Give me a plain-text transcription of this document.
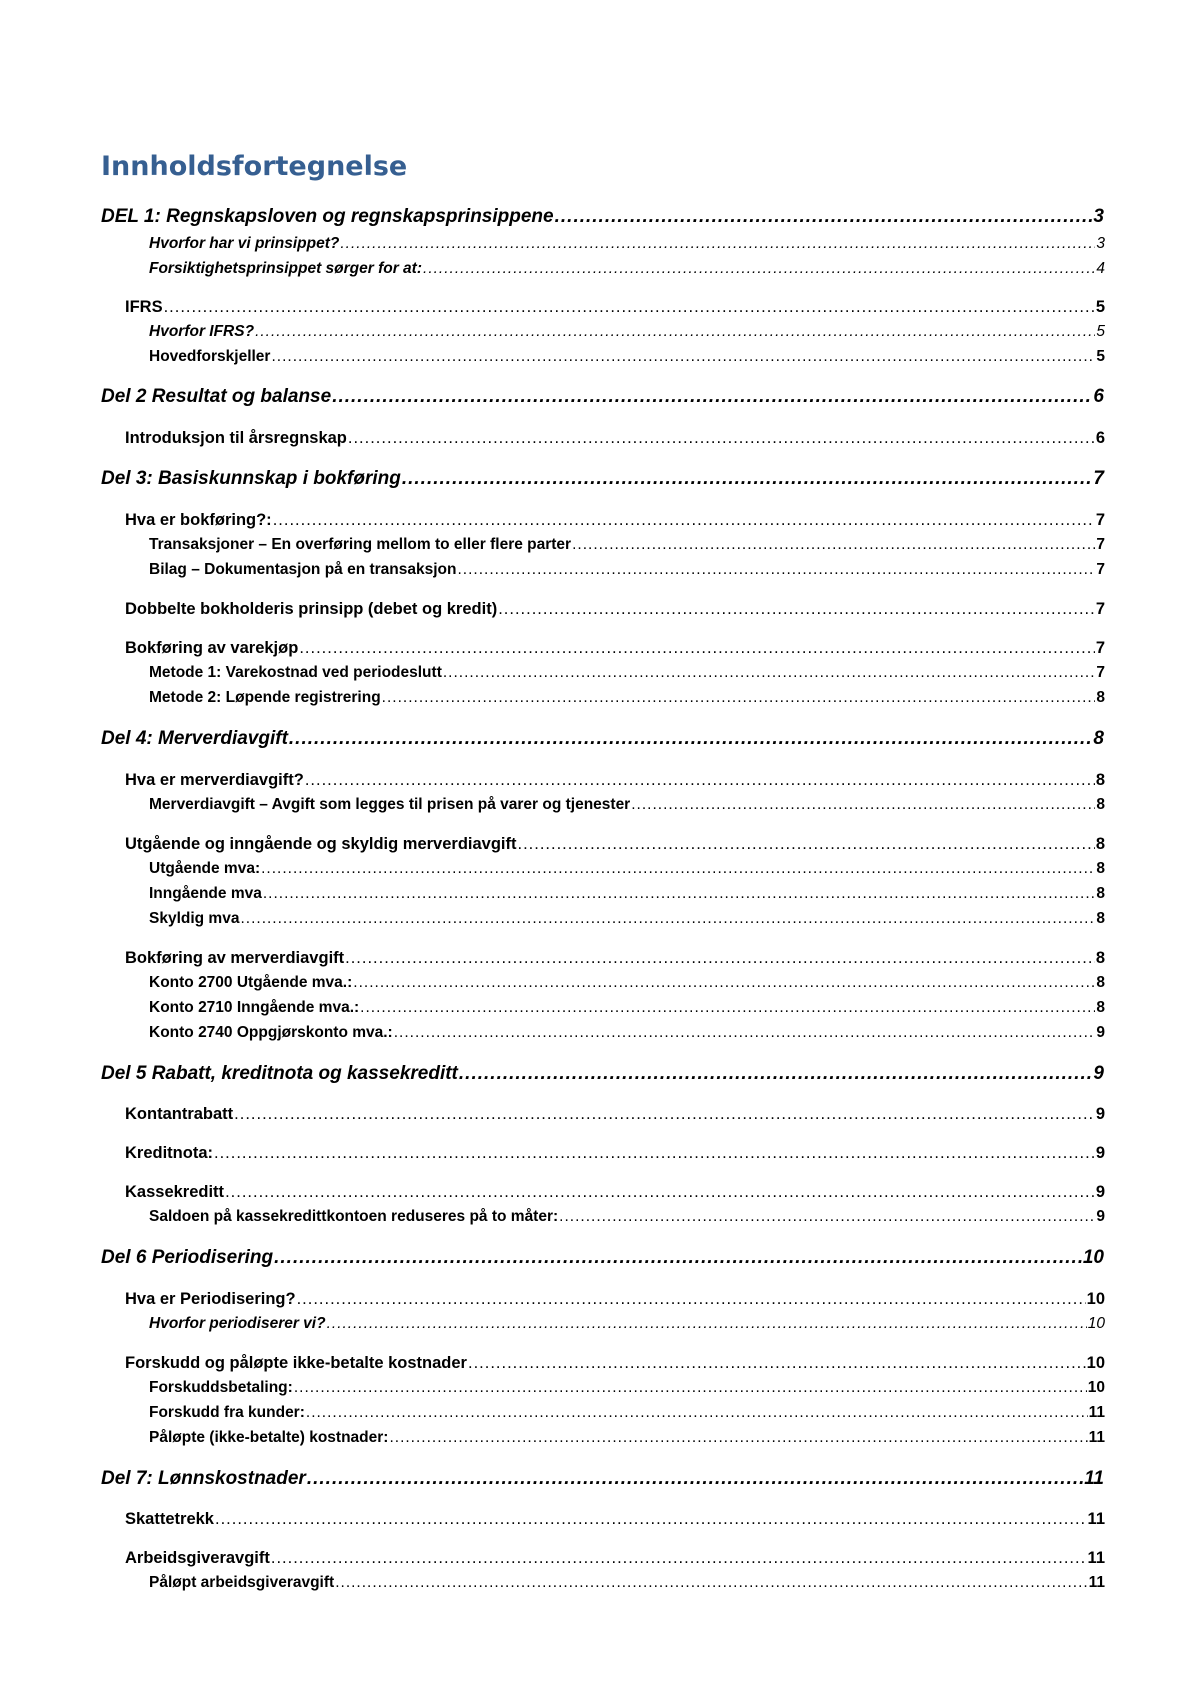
Innholdsfortegnelse
DEL 1: Regnskapsloven og regnskapsprinsippene .....	3
Hvorfor har vi prinsippet? .....	3
Forsiktighetsprinsippet sørger for at: .....	4
IFRS .....	5
Hvorfor IFRS? .....	5
Hovedforskjeller .....	5
Del 2 Resultat og balanse .....	6
Introduksjon til årsregnskap .....	6
Del 3: Basiskunnskap i bokføring .....	7
Hva er bokføring?: .....	7
Transaksjoner – En overføring mellom to eller flere parter .....	7
Bilag – Dokumentasjon på en transaksjon .....	7
Dobbelte bokholderis prinsipp (debet og kredit) .....	7
Bokføring av varekjøp .....	7
Metode 1: Varekostnad ved periodeslutt .....	7
Metode 2: Løpende registrering .....	8
Del 4: Merverdiavgift .....	8
Hva er merverdiavgift? .....	8
Merverdiavgift – Avgift som legges til prisen på varer og tjenester .....	8
Utgående og inngående og skyldig merverdiavgift .....	8
Utgående mva: .....	8
Inngående mva .....	8
Skyldig mva .....	8
Bokføring av merverdiavgift .....	8
Konto 2700 Utgående mva.: .....	8
Konto 2710 Inngående mva.: .....	8
Konto 2740 Oppgjørskonto mva.: .....	9
Del 5 Rabatt, kreditnota og kassekreditt .....	9
Kontantrabatt .....	9
Kreditnota: .....	9
Kassekreditt .....	9
Saldoen på kassekredittkontoen reduseres på to måter: .....	9
Del 6 Periodisering .....	10
Hva er Periodisering? .....	10
Hvorfor periodiserer vi? .....	10
Forskudd og påløpte ikke-betalte kostnader .....	10
Forskuddsbetaling: .....	10
Forskudd fra kunder: .....	11
Påløpte (ikke-betalte) kostnader: .....	11
Del 7: Lønnskostnader .....	11
Skattetrekk .....	11
Arbeidsgiveravgift .....	11
Påløpt arbeidsgiveravgift .....	11
